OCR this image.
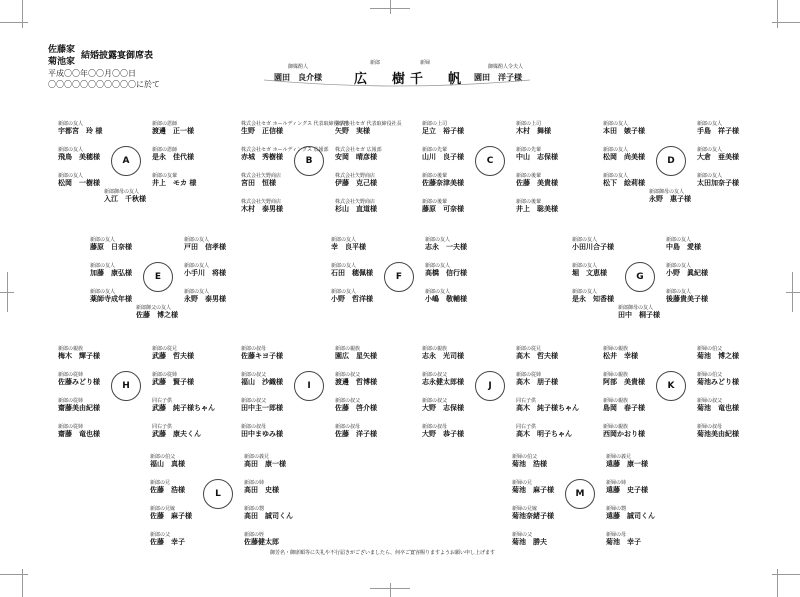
佐藤家
菊池家
結婚披露宴御席表
平成〇〇年〇〇月〇〇日
〇〇〇〇〇〇〇〇〇〇〇に於て
御媒酌人
園田　良介様
新郎
広　樹
新婦
千　帆
御媒酌人令夫人
園田　洋子様
A
新郎の友人
宇都宮　玲 様
新郎の恩師
渡邊　正一様
新郎の友人
飛鳥　美穂様
新郎の恩師
是永　佳代様
新郎の友人
松岡　一樹様
新郎の友輩
井上　モカ 様
新郎御母の友人
入江　千秋様
B
株式会社セガ ホールディングス 代表取締役専務
生野　正信様
株式会社セガ 代表取締役社長
矢野　実様
株式会社セガ ホールディングス 広報部
赤城　秀樹様
株式会社セガ 広報部
安岡　晴彦様
株式会社矢野商店
宮田　恒様
株式会社矢野商店
伊藤　克己様
株式会社矢野商店
木村　泰男様
株式会社矢野商店
杉山　直道様
C
新郎の上司
足立　裕子様
新郎の上司
木村　舞様
新郎の先輩
山川　良子様
新郎の先輩
中山　志保様
新郎の後輩
佐藤奈津美様
新郎の後輩
佐藤　美貴様
新郎の後輩
藤原　可奈様
新郎の後輩
井上　聡美様
D
新郎の友人
本田　嫉子様
新郎の友人
手島　祥子様
新郎の友人
松岡　尚美様
新郎の友人
大倉　亜美様
新郎の友人
松下　絵莉様
新郎の友人
太田加奈子様
新郎御母の友人
永野　惠子様
E
新郎の友人
藤原　日奈様
新郎の友人
戸田　信孝様
新郎の友人
加藤　康弘様
新郎の友人
小手川　将様
新郎の友人
薬師寺成年様
新郎の友人
永野　泰男様
新郎御父の友人
佐藤　博之様
F
新郎の友人
幸　良平様
新郎の友人
志永　一夫様
新郎の友人
石田　穂佩様
新郎の友人
高橋　信行様
新郎の友人
小野　哲洋様
新郎の友人
小嶋　敬輔様
G
新郎の友人
小田川合子様
新郎の友人
中島　愛様
新郎の友人
堀　文恵様
新郎の友人
小野　眞紀様
新郎の友人
是永　知香様
新郎の友人
後藤貴美子様
新郎御母の友人
田中　桐子様
H
新郎の親族
梅木　輝子様
新郎の従兄
武藤　哲夫様
新郎の従姉
佐藤みどり様
新郎の従姉
武藤　賢子様
新郎の従姉
齋藤美由紀様
同右子供
武藤　純子様ちゃん
新郎の従姉
齋藤　竜也様
同右子供
武藤　康夫くん
I
新郎の叔母
佐藤キヨ子様
新郎の親族
園広　星矢様
新郎の叔父
福山　沙織様
新郎の叔父
渡邊　哲博様
新郎の叔父
田中主一郎様
新郎の叔父
佐藤　啓介様
新郎の叔母
田中まゆみ様
新郎の叔母
佐藤　洋子様
J
新郎の親族
志永　光司様
新郎の従兄
高木　哲夫様
新郎の叔父
志永健太郎様
新郎の従姉
高木　朋子様
新郎の叔父
大野　志保様
同右子供
高木　純子様ちゃん
新郎の叔母
大野　恭子様
同右子供
高木　明子ちゃん
K
新婦の親族
松井　幸様
新婦の伯父
菊池　博之様
新婦の親族
阿部　美貴様
新婦の伯父
菊池みどり様
新婦の親族
島岡　春子様
新婦の叔父
菊池　竜也様
新婦の親族
西岡かおり様
新婦の叔母
菊池美由紀様
L
新郎の伯父
福山　真様
新郎の義兄
高田　康一様
新郎の兄
佐藤　浩様
新郎の姉
高田　史様
新郎の兄嫁
佐藤　麻子様
新郎の甥
高田　誠司くん
新郎の父
佐藤　幸子
新郎の姪
佐藤健太郎
M
新婦の伯父
菊池　浩様
新婦の義兄
遠藤　康一様
新婦の兄
菊池　麻子様
新婦の姉
遠藤　史子様
新婦の兄嫁
菊池奈緒子様
新婦の甥
遠藤　誠司くん
新婦の父
菊池　勝夫
新婦の母
菊池　幸子
御芳名・御席順等に失礼や不行届きがございましたら、何卒ご寛容賜りますようお願い申し上げます
